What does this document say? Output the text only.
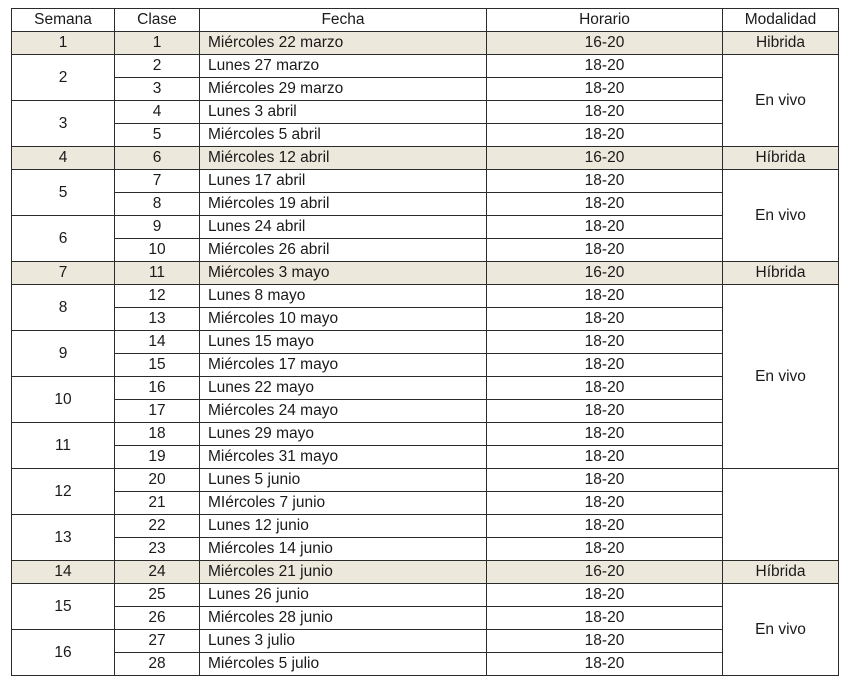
Semana	Clase	Fecha	Horario	Modalidad
1	1	Miércoles 22 marzo	16-20	Hibrida
2	2	Lunes 27 marzo	18-20	En vivo
	3	Miércoles 29 marzo	18-20	
3	4	Lunes 3 abril	18-20	
	5	Miércoles 5 abril	18-20	
4	6	Miércoles 12 abril	16-20	Híbrida
5	7	Lunes 17 abril	18-20	En vivo
	8	Miércoles 19 abril	18-20	
6	9	Lunes 24 abril	18-20	
	10	Miércoles 26 abril	18-20	
7	11	Miércoles 3 mayo	16-20	Híbrida
8	12	Lunes 8 mayo	18-20	En vivo
	13	Miércoles 10 mayo	18-20	
9	14	Lunes 15 mayo	18-20	
	15	Miércoles 17 mayo	18-20	
10	16	Lunes 22 mayo	18-20	
	17	Miércoles 24 mayo	18-20	
11	18	Lunes 29 mayo	18-20	
	19	Miércoles 31 mayo	18-20	
12	20	Lunes 5 junio	18-20	
	21	MIércoles 7 junio	18-20	
13	22	Lunes 12 junio	18-20	
	23	Miércoles 14 junio	18-20	
14	24	Miércoles 21 junio	16-20	Híbrida
15	25	Lunes 26 junio	18-20	En vivo
	26	Miércoles 28 junio	18-20	
16	27	Lunes 3 julio	18-20	
	28	Miércoles 5 julio	18-20	
